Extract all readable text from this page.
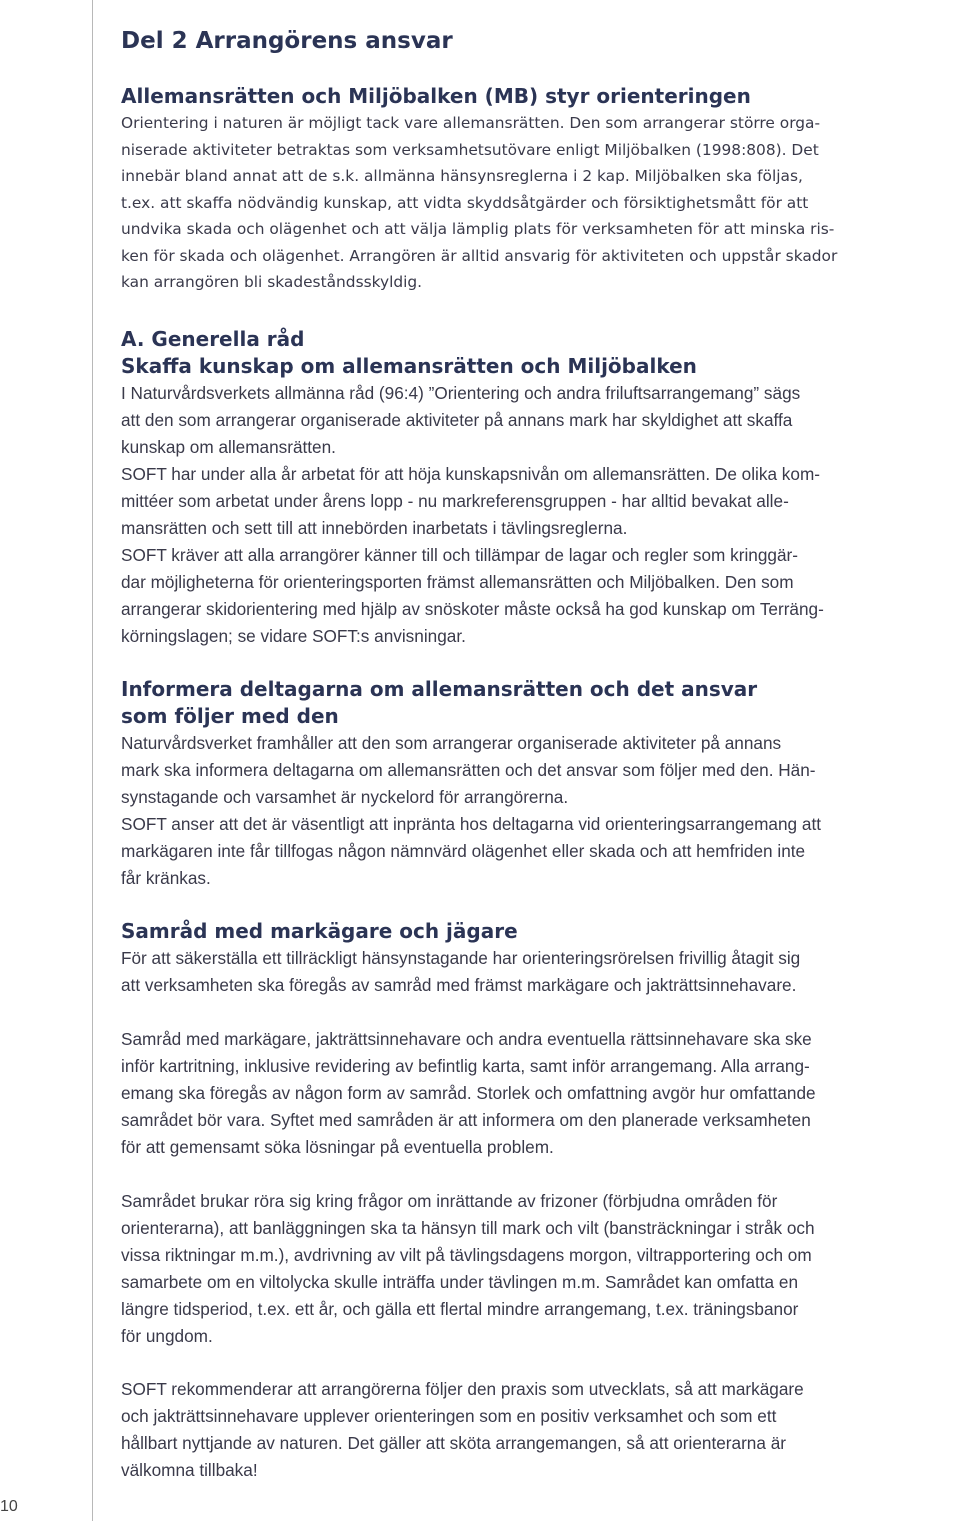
10
Del 2 Arrangörens ansvar
Allemansrätten och Miljöbalken (MB) styr orienteringen

Orientering i naturen är möjligt tack vare allemansrätten. Den som arrangerar större orga-
niserade aktiviteter betraktas som verksamhetsutövare enligt Miljöbalken (1998:808). Det
innebär bland annat att de s.k. allmänna hänsynsreglerna i 2 kap. Miljöbalken ska följas,
t.ex. att skaffa nödvändig kunskap, att vidta skyddsåtgärder och försiktighetsmått för att
undvika skada och olägenhet och att välja lämplig plats för verksamheten för att minska ris-
ken för skada och olägenhet. Arrangören är alltid ansvarig för aktiviteten och uppstår skador
kan arrangören bli skadeståndsskyldig.

A. Generella råd
Skaffa kunskap om allemansrätten och Miljöbalken

I Naturvårdsverkets allmänna råd (96:4) ”Orientering och andra friluftsarrangemang” sägs
att den som arrangerar organiserade aktiviteter på annans mark har skyldighet att skaffa
kunskap om allemansrätten.
SOFT har under alla år arbetat för att höja kunskapsnivån om allemansrätten. De olika kom-
mittéer som arbetat under årens lopp - nu markreferensgruppen - har alltid bevakat alle-
mansrätten och sett till att innebörden inarbetats i tävlingsreglerna.
SOFT kräver att alla arrangörer känner till och tillämpar de lagar och regler som kringgär-
dar möjligheterna för orienteringsporten främst allemansrätten och Miljöbalken. Den som
arrangerar skidorientering med hjälp av snöskoter måste också ha god kunskap om Terräng-
körningslagen; se vidare SOFT:s anvisningar.

Informera deltagarna om allemansrätten och det ansvar
som följer med den

Naturvårdsverket framhåller att den som arrangerar organiserade aktiviteter på annans
mark ska informera deltagarna om allemansrätten och det ansvar som följer med den. Hän-
synstagande och varsamhet är nyckelord för arrangörerna.
SOFT anser att det är väsentligt att inpränta hos deltagarna vid orienteringsarrangemang att
markägaren inte får tillfogas någon nämnvärd olägenhet eller skada och att hemfriden inte
får kränkas.

Samråd med markägare och jägare

För att säkerställa ett tillräckligt hänsynstagande har orienteringsrörelsen frivillig åtagit sig
att verksamheten ska föregås av samråd med främst markägare och jakträttsinnehavare.

Samråd med markägare, jakträttsinnehavare och andra eventuella rättsinnehavare ska ske
inför kartritning, inklusive revidering av befintlig karta, samt inför arrangemang. Alla arrang-
emang ska föregås av någon form av samråd. Storlek och omfattning avgör hur omfattande
samrådet bör vara. Syftet med samråden är att informera om den planerade verksamheten
för att gemensamt söka lösningar på eventuella problem.

Samrådet brukar röra sig kring frågor om inrättande av frizoner (förbjudna områden för
orienterarna), att banläggningen ska ta hänsyn till mark och vilt (bansträckningar i stråk och
vissa riktningar m.m.), avdrivning av vilt på tävlingsdagens morgon, viltrapportering och om
samarbete om en viltolycka skulle inträffa under tävlingen m.m. Samrådet kan omfatta en
längre tidsperiod, t.ex. ett år, och gälla ett flertal mindre arrangemang, t.ex. träningsbanor
för ungdom.

SOFT rekommenderar att arrangörerna följer den praxis som utvecklats, så att markägare
och jakträttsinnehavare upplever orienteringen som en positiv verksamhet och som ett
hållbart nyttjande av naturen. Det gäller att sköta arrangemangen, så att orienterarna är
välkomna tillbaka!
